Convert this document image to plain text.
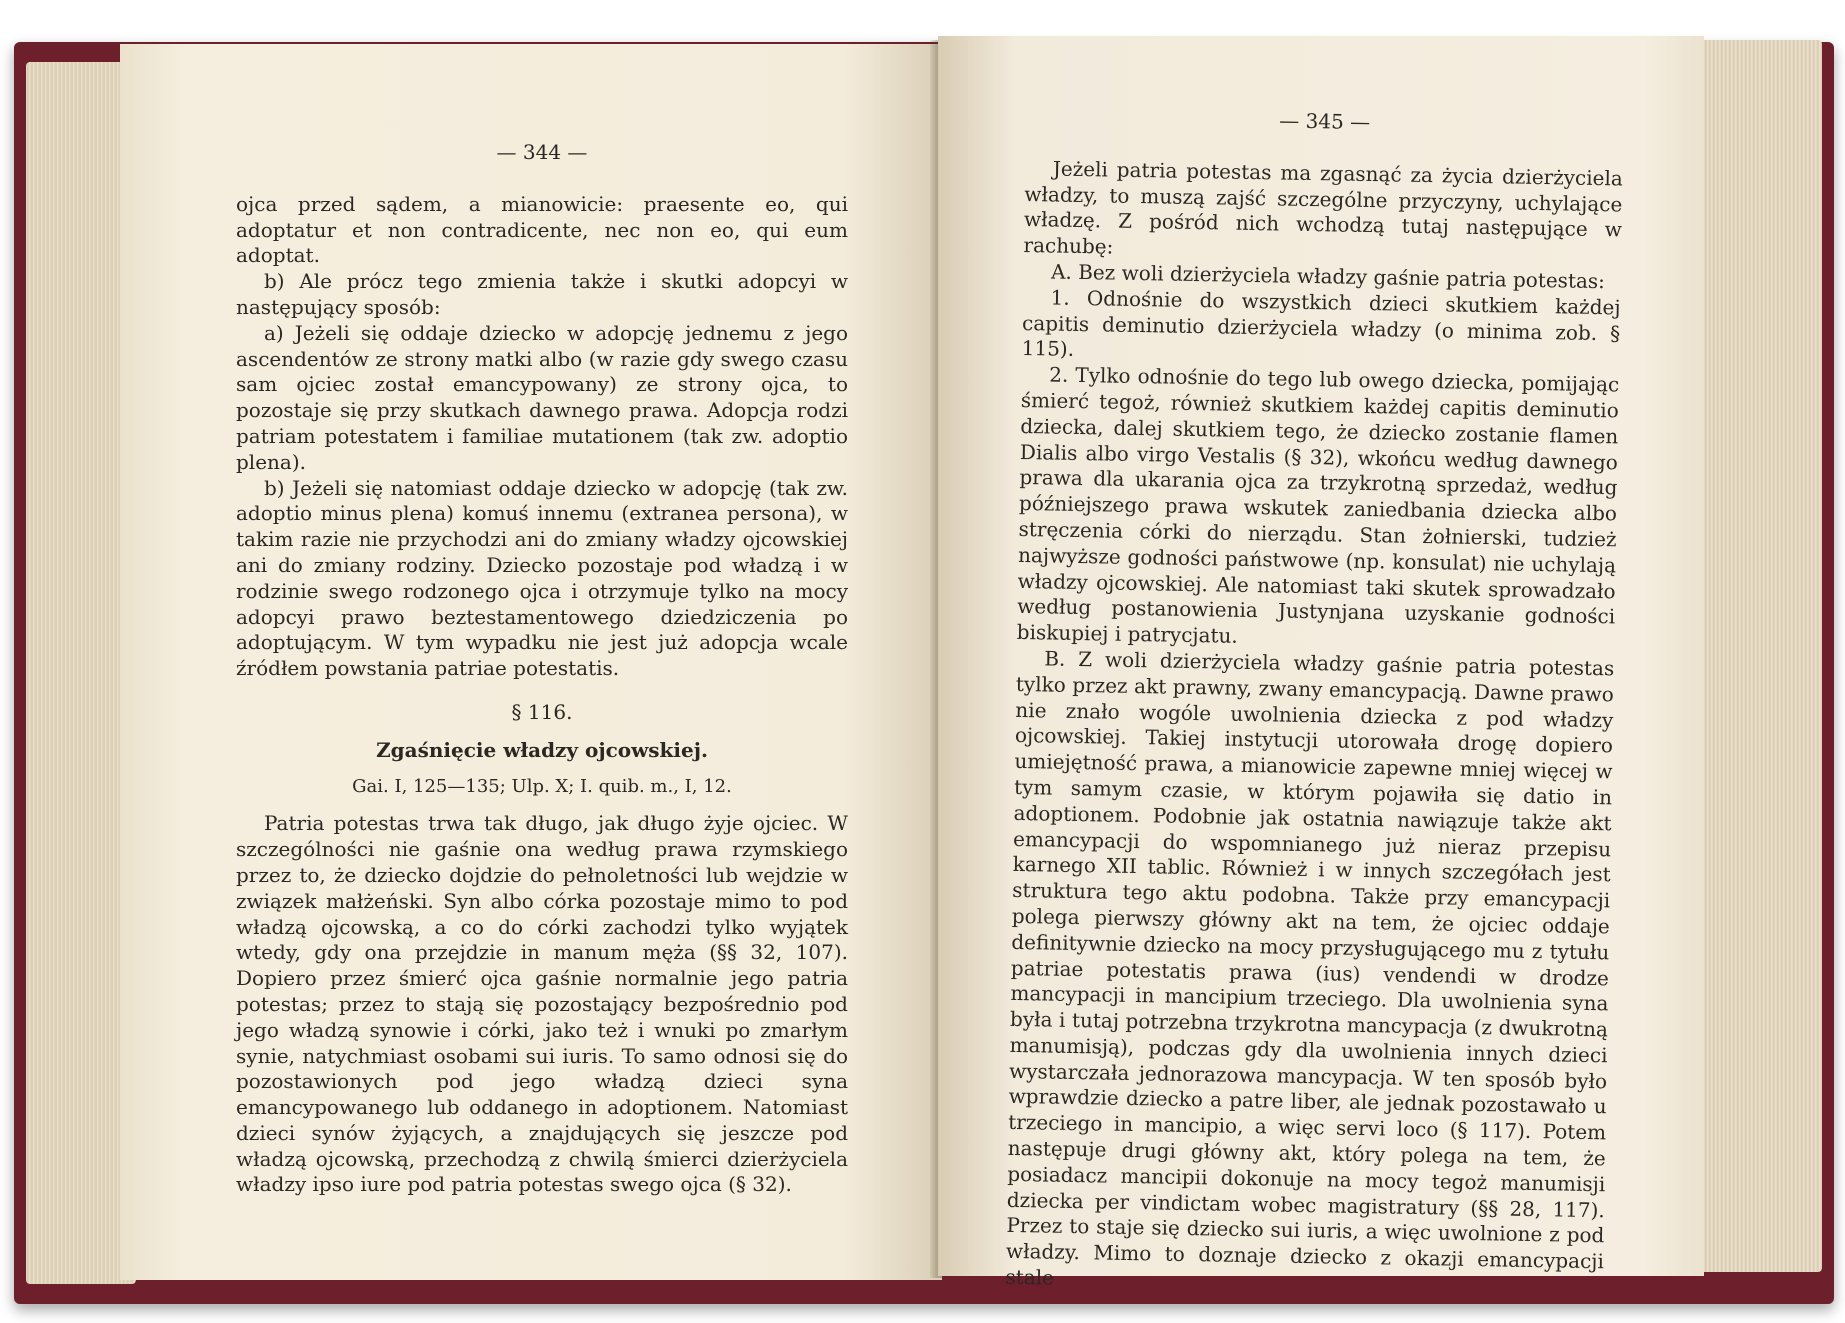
— 344 —

ojca przed sądem, a mianowicie: praesente eo, qui adoptatur et non contradicente, nec non eo, qui eum adoptat.

b) Ale prócz tego zmienia także i skutki adopcyi w następujący sposób:

a) Jeżeli się oddaje dziecko w adopcję jednemu z jego ascendentów ze strony matki albo (w razie gdy swego czasu sam ojciec został emancypowany) ze strony ojca, to pozostaje się przy skutkach dawnego prawa. Adopcja rodzi patriam potestatem i familiae mutationem (tak zw. adoptio plena).

b) Jeżeli się natomiast oddaje dziecko w adopcję (tak zw. adoptio minus plena) komuś innemu (extranea persona), w takim razie nie przychodzi ani do zmiany władzy ojcowskiej ani do zmiany rodziny. Dziecko pozostaje pod władzą i w rodzinie swego rodzonego ojca i otrzymuje tylko na mocy adopcyi prawo beztestamentowego dziedziczenia po adoptującym. W tym wypadku nie jest już adopcja wcale źródłem powstania patriae potestatis.

§ 116.
Zgaśnięcie władzy ojcowskiej.
Gai. I, 125—135; Ulp. X; I. quib. m., I, 12.

Patria potestas trwa tak długo, jak długo żyje ojciec. W szczególności nie gaśnie ona według prawa rzymskiego przez to, że dziecko dojdzie do pełnoletności lub wejdzie w związek małżeński. Syn albo córka pozostaje mimo to pod władzą ojcowską, a co do córki zachodzi tylko wyjątek wtedy, gdy ona przejdzie in manum męża (§§ 32, 107). Dopiero przez śmierć ojca gaśnie normalnie jego patria potestas; przez to stają się pozostający bezpośrednio pod jego władzą synowie i córki, jako też i wnuki po zmarłym synie, natychmiast osobami sui iuris. To samo odnosi się do pozostawionych pod jego władzą dzieci syna emancypowanego lub oddanego in adoptionem. Natomiast dzieci synów żyjących, a znajdujących się jeszcze pod władzą ojcowską, przechodzą z chwilą śmierci dzierżyciela władzy ipso iure pod patria potestas swego ojca (§ 32).

— 345 —

Jeżeli patria potestas ma zgasnąć za życia dzierżyciela władzy, to muszą zajść szczególne przyczyny, uchylające władzę. Z pośród nich wchodzą tutaj następujące w rachubę:

A. Bez woli dzierżyciela władzy gaśnie patria potestas:

1. Odnośnie do wszystkich dzieci skutkiem każdej capitis deminutio dzierżyciela władzy (o minima zob. § 115).

2. Tylko odnośnie do tego lub owego dziecka, pomijając śmierć tegoż, również skutkiem każdej capitis deminutio dziecka, dalej skutkiem tego, że dziecko zostanie flamen Dialis albo virgo Vestalis (§ 32), wkońcu według dawnego prawa dla ukarania ojca za trzykrotną sprzedaż, według późniejszego prawa wskutek zaniedbania dziecka albo stręczenia córki do nierządu. Stan żołnierski, tudzież najwyższe godności państwowe (np. konsulat) nie uchylają władzy ojcowskiej. Ale natomiast taki skutek sprowadzało według postanowienia Justynjana uzyskanie godności biskupiej i patrycjatu.

B. Z woli dzierżyciela władzy gaśnie patria potestas tylko przez akt prawny, zwany emancypacją. Dawne prawo nie znało wogóle uwolnienia dziecka z pod władzy ojcowskiej. Takiej instytucji utorowała drogę dopiero umiejętność prawa, a mianowicie zapewne mniej więcej w tym samym czasie, w którym pojawiła się datio in adoptionem. Podobnie jak ostatnia nawiązuje także akt emancypacji do wspomnianego już nieraz przepisu karnego XII tablic. Również i w innych szczegółach jest struktura tego aktu podobna. Także przy emancypacji polega pierwszy główny akt na tem, że ojciec oddaje definitywnie dziecko na mocy przysługującego mu z tytułu patriae potestatis prawa (ius) vendendi w drodze mancypacji in mancipium trzeciego. Dla uwolnienia syna była i tutaj potrzebna trzykrotna mancypacja (z dwukrotną manumisją), podczas gdy dla uwolnienia innych dzieci wystarczała jednorazowa mancypacja. W ten sposób było wprawdzie dziecko a patre liber, ale jednak pozostawało u trzeciego in mancipio, a więc servi loco (§ 117). Potem następuje drugi główny akt, który polega na tem, że posiadacz mancipii dokonuje na mocy tegoż manumisji dziecka per vindictam wobec magistratury (§§ 28, 117). Przez to staje się dziecko sui iuris, a więc uwolnione z pod władzy. Mimo to doznaje dziecko z okazji emancypacji stale
